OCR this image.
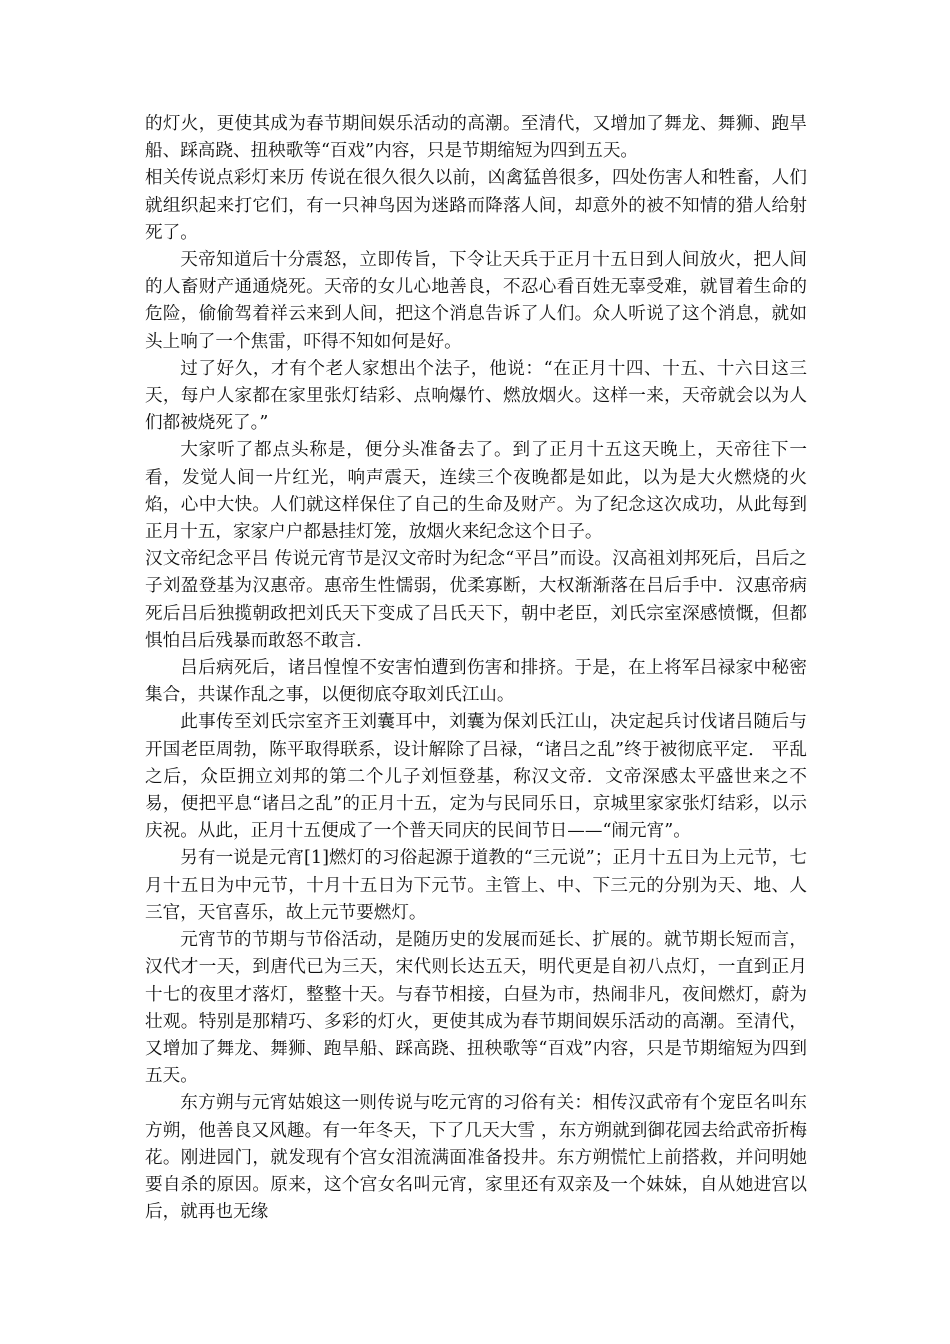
的灯火，更使其成为春节期间娱乐活动的高潮。至清代，又增加了舞龙、舞狮、跑旱船、踩高跷、扭秧歌等“百戏”内容，只是节期缩短为四到五天。

相关传说点彩灯来历 传说在很久很久以前，凶禽猛兽很多，四处伤害人和牲畜，人们就组织起来打它们，有一只神鸟因为迷路而降落人间，却意外的被不知情的猎人给射死了。

天帝知道后十分震怒，立即传旨，下令让天兵于正月十五日到人间放火，把人间的人畜财产通通烧死。天帝的女儿心地善良，不忍心看百姓无辜受难，就冒着生命的危险，偷偷驾着祥云来到人间，把这个消息告诉了人们。众人听说了这个消息，就如头上响了一个焦雷，吓得不知如何是好。

过了好久，才有个老人家想出个法子，他说：“在正月十四、十五、十六日这三天，每户人家都在家里张灯结彩、点响爆竹、燃放烟火。这样一来，天帝就会以为人们都被烧死了。”

大家听了都点头称是，便分头准备去了。到了正月十五这天晚上，天帝往下一看，发觉人间一片红光，响声震天，连续三个夜晚都是如此，以为是大火燃烧的火焰，心中大快。人们就这样保住了自己的生命及财产。为了纪念这次成功，从此每到正月十五，家家户户都悬挂灯笼，放烟火来纪念这个日子。

汉文帝纪念平吕 传说元宵节是汉文帝时为纪念“平吕”而设。汉高祖刘邦死后，吕后之子刘盈登基为汉惠帝。惠帝生性懦弱，优柔寡断，大权渐渐落在吕后手中．汉惠帝病死后吕后独揽朝政把刘氏天下变成了吕氏天下，朝中老臣，刘氏宗室深感愤慨，但都惧怕吕后残暴而敢怒不敢言．

吕后病死后，诸吕惶惶不安害怕遭到伤害和排挤。于是，在上将军吕禄家中秘密集合，共谋作乱之事，以便彻底夺取刘氏江山。

此事传至刘氏宗室齐王刘囊耳中，刘囊为保刘氏江山，决定起兵讨伐诸吕随后与开国老臣周勃，陈平取得联系，设计解除了吕禄，“诸吕之乱”终于被彻底平定． 平乱之后，众臣拥立刘邦的第二个儿子刘恒登基，称汉文帝．文帝深感太平盛世来之不易，便把平息“诸吕之乱”的正月十五，定为与民同乐日，京城里家家张灯结彩，以示庆祝。从此，正月十五便成了一个普天同庆的民间节日——“闹元宵”。

另有一说是元宵[1]燃灯的习俗起源于道教的“三元说”；正月十五日为上元节，七月十五日为中元节，十月十五日为下元节。主管上、中、下三元的分别为天、地、人三官，天官喜乐，故上元节要燃灯。

元宵节的节期与节俗活动，是随历史的发展而延长、扩展的。就节期长短而言，汉代才一天，到唐代已为三天，宋代则长达五天，明代更是自初八点灯，一直到正月十七的夜里才落灯，整整十天。与春节相接，白昼为市，热闹非凡，夜间燃灯，蔚为壮观。特别是那精巧、多彩的灯火，更使其成为春节期间娱乐活动的高潮。至清代，又增加了舞龙、舞狮、跑旱船、踩高跷、扭秧歌等“百戏”内容，只是节期缩短为四到五天。

东方朔与元宵姑娘这一则传说与吃元宵的习俗有关：相传汉武帝有个宠臣名叫东方朔，他善良又风趣。有一年冬天，下了几天大雪 ，东方朔就到御花园去给武帝折梅花。刚进园门，就发现有个宫女泪流满面准备投井。东方朔慌忙上前搭救，并问明她要自杀的原因。原来，这个宫女名叫元宵，家里还有双亲及一个妹妹，自从她进宫以后，就再也无缘
